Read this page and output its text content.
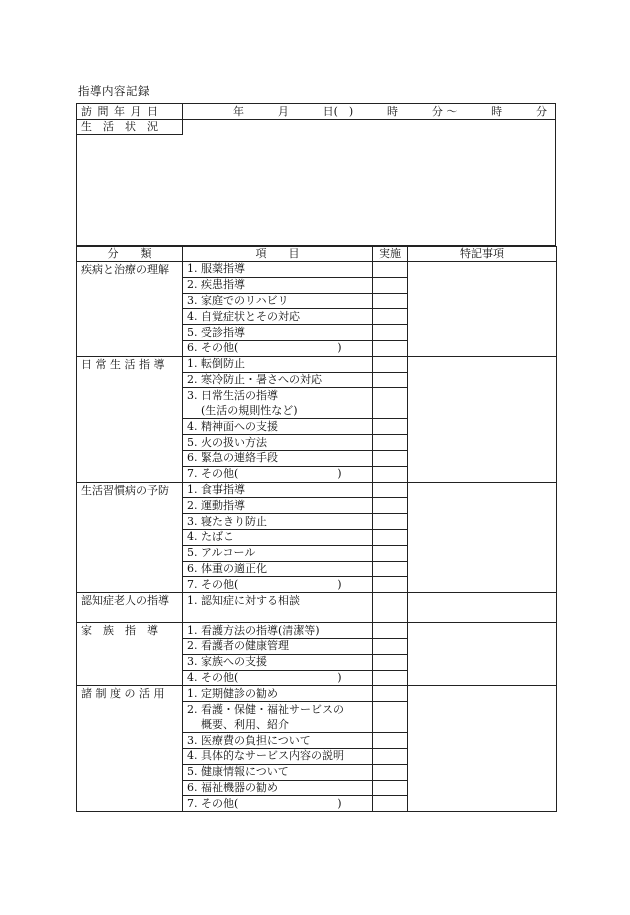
指導内容記録
訪 問 年 月 日	年	月	日(　)	時	分 ～	時	分

生　活　状　況
分　　類	項　　目	実施	特記事項
疾病と治療の理解	1. 服薬指導		
	2. 疾患指導		
	3. 家庭でのリハビリ		
	4. 自覚症状とその対応		
	5. 受診指導		
	6. その他(　　　　　　　　　)		
日 常 生 活 指 導	1. 転倒防止		
	2. 寒冷防止・暑さへの対応		

	3. 日常生活の指導
(生活の規則性など)		

	4. 精神面への支援		
	5. 火の扱い方法		
	6. 緊急の連絡手段		
	7. その他(　　　　　　　　　)		
生活習慣病の予防	1. 食事指導		
	2. 運動指導		
	3. 寝たきり防止		
	4. たばこ		
	5. アルコール		
	6. 体重の適正化		
	7. その他(　　　　　　　　　)		
認知症老人の指導	1. 認知症に対する相談		
家　族　指　導	1. 看護方法の指導(清潔等)		
	2. 看護者の健康管理		
	3. 家族への支援		
	4. その他(　　　　　　　　　)		
諸 制 度 の 活 用	1. 定期健診の勧め		

	2. 看護・保健・福祉サービスの
概要、利用、紹介		

	3. 医療費の負担について		
	4. 具体的なサービス内容の説明		
	5. 健康情報について		
	6. 福祉機器の勧め		
	7. その他(　　　　　　　　　)		
